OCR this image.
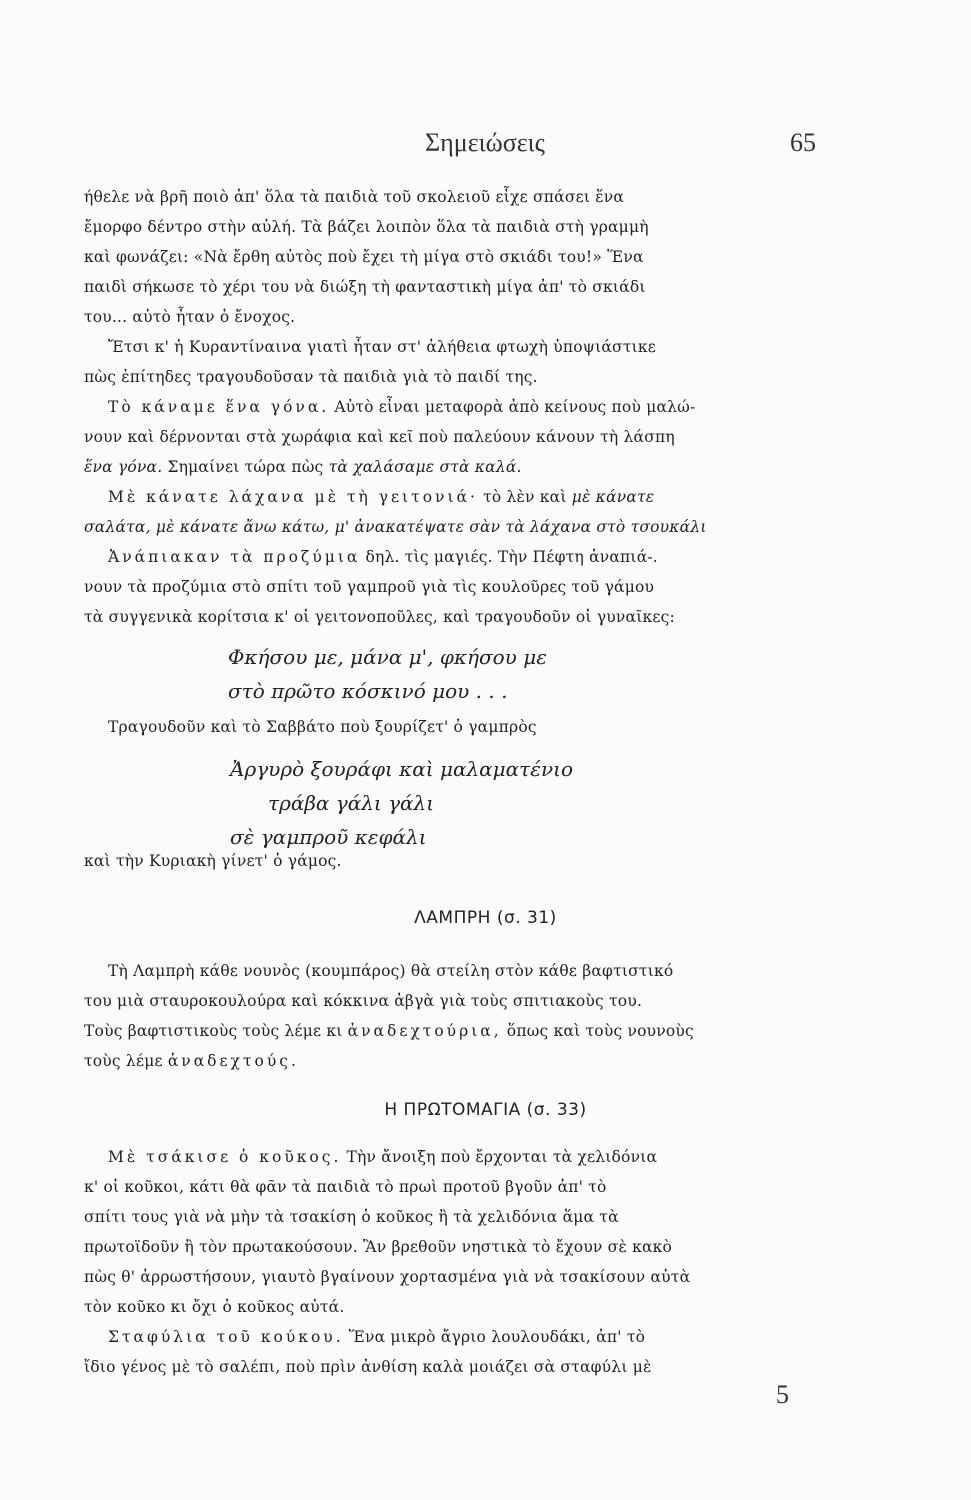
Σημειώσεις	65
ήθελε νὰ βρῆ ποιὸ ἀπ' ὅλα τὰ παιδιὰ τοῦ σκολειοῦ εἶχε σπάσει ἕνα
ἔμορφο δέντρο στὴν αὐλή. Τὰ βάζει λοιπὸν ὅλα τὰ παιδιὰ στὴ γραμμὴ
καὶ φωνάζει: «Νὰ ἔρθη αὐτὸς ποὺ ἔχει τὴ μίγα στὸ σκιάδι του!» Ἕνα
παιδὶ σήκωσε τὸ χέρι του νὰ διώξη τὴ φανταστικὴ μίγα ἀπ' τὸ σκιάδι
του... αὐτὸ ἦταν ὁ ἔνοχος.
Ἔτσι κ' ἡ Κυραντίναινα γιατὶ ἦταν στ' ἀλήθεια φτωχὴ ὑποψιάστικε
πὼς ἐπίτηδες τραγουδοῦσαν τὰ παιδιὰ γιὰ τὸ παιδί της.
Τὸ κάναμε ἕνα γόνα. Αὐτὸ εἶναι μεταφορὰ ἀπὸ κείνους ποὺ μαλώ-
νουν καὶ δέρνονται στὰ χωράφια καὶ κεῖ ποὺ παλεύουν κάνουν τὴ λάσπη
ἕνα γόνα. Σημαίνει τώρα πὼς τὰ χαλάσαμε στὰ καλά.
Μὲ κάνατε λάχανα μὲ τὴ γειτονιά· τὸ λὲν καὶ μὲ κάνατε
σαλάτα, μὲ κάνατε ἄνω κάτω, μ' ἀνακατέψατε σὰν τὰ λάχανα στὸ τσουκάλι
Ἀνάπιακαν τὰ προζύμια δηλ. τὶς μαγιές. Τὴν Πέφτη ἀναπιά-.
νουν τὰ προζύμια στὸ σπίτι τοῦ γαμπροῦ γιὰ τὶς κουλοῦρες τοῦ γάμου
τὰ συγγενικὰ κορίτσια κ' οἱ γειτονοποῦλες, καὶ τραγουδοῦν οἱ γυναῖκες:
Φκήσου με, μάνα μ', φκήσου με
στὸ πρῶτο κόσκινό μου . . .
Τραγουδοῦν καὶ τὸ Σαββάτο ποὺ ξουρίζετ' ὁ γαμπρὸς
Ἀργυρὸ ξουράφι καὶ μαλαματένιο
τράβα γάλι γάλι
σὲ γαμπροῦ κεφάλι
καὶ τὴν Κυριακὴ γίνετ' ὁ γάμος.
ΛΑΜΠΡΗ (σ. 31)
Τὴ Λαμπρὴ κάθε νουνὸς (κουμπάρος) θὰ στείλη στὸν κάθε βαφτιστικό
του μιὰ σταυροκουλούρα καὶ κόκκινα ἀβγὰ γιὰ τοὺς σπιτιακοὺς του.
Τοὺς βαφτιστικοὺς τοὺς λέμε κι ἀναδεχτούρια, ὅπως καὶ τοὺς νουνοὺς
τοὺς λέμε ἀναδεχτούς.
Η ΠΡΩΤΟΜΑΓΙΑ (σ. 33)
Μὲ τσάκισε ὁ κοῦκος. Τὴν ἄνοιξη ποὺ ἔρχονται τὰ χελιδόνια
κ' οἱ κοῦκοι, κάτι θὰ φᾶν τὰ παιδιὰ τὸ πρωὶ προτοῦ βγοῦν ἀπ' τὸ
σπίτι τους γιὰ νὰ μὴν τὰ τσακίση ὁ κοῦκος ἢ τὰ χελιδόνια ἅμα τὰ
πρωτοϊδοῦν ἢ τὸν πρωτακούσουν. Ἂν βρεθοῦν νηστικὰ τὸ ἔχουν σὲ κακὸ
πὼς θ' ἀρρωστήσουν, γιαυτὸ βγαίνουν χορτασμένα γιὰ νὰ τσακίσουν αὐτὰ
τὸν κοῦκο κι ὄχι ὁ κοῦκος αὐτά.
Σταφύλια τοῦ κούκου. Ἕνα μικρὸ ἄγριο λουλουδάκι, ἀπ' τὸ
ἴδιο γένος μὲ τὸ σαλέπι, ποὺ πρὶν ἀνθίση καλὰ μοιάζει σὰ σταφύλι μὲ
5
